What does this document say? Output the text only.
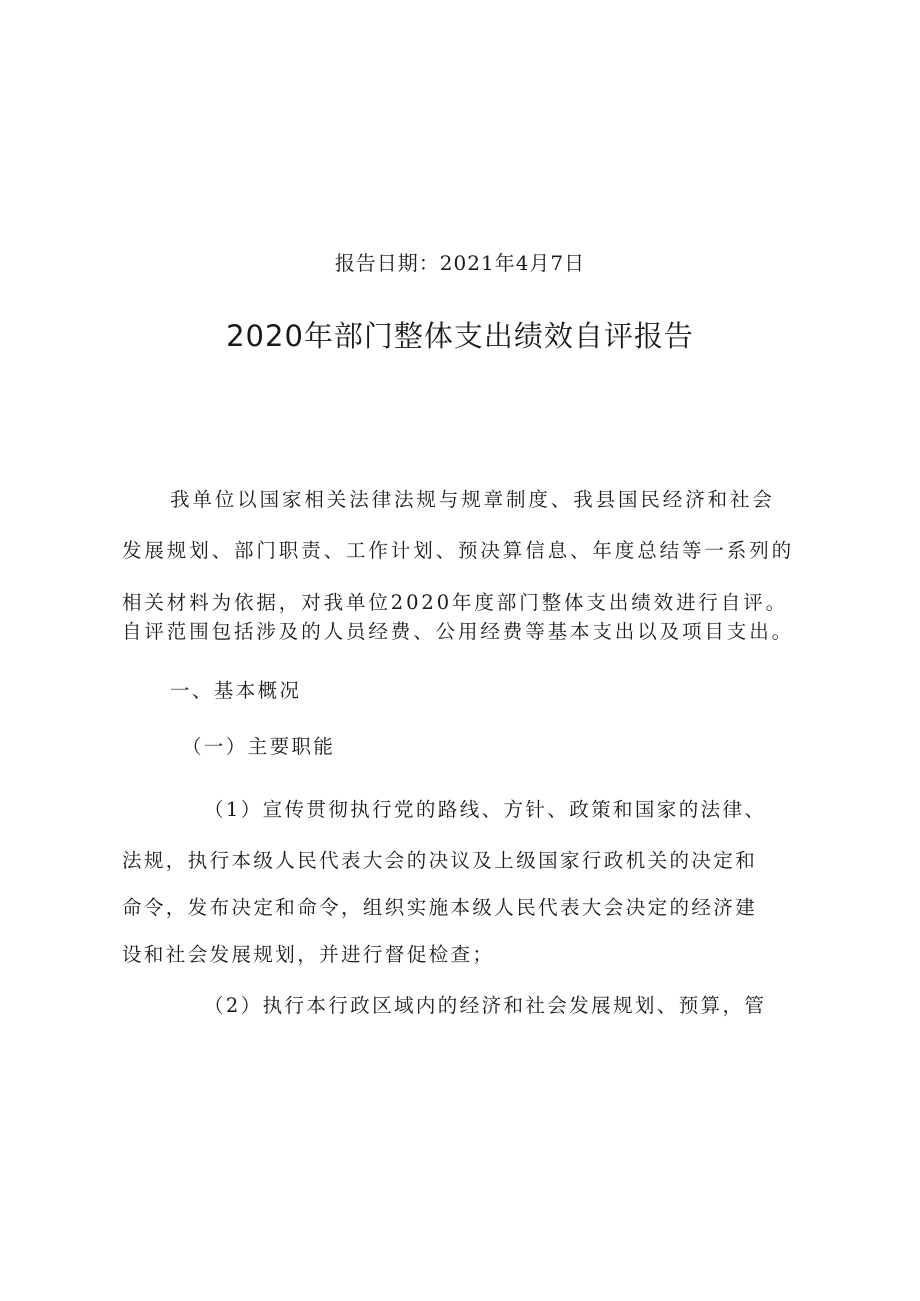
报告日期：2021年4月7日
2020年部门整体支出绩效自评报告
我单位以国家相关法律法规与规章制度、我县国民经济和社会
发展规划、部门职责、工作计划、预决算信息、年度总结等一系列的
相关材料为依据，对我单位2020年度部门整体支出绩效进行自评。
自评范围包括涉及的人员经费、公用经费等基本支出以及项目支出。
一、基本概况
（一）主要职能
（1）宣传贯彻执行党的路线、方针、政策和国家的法律、
法规，执行本级人民代表大会的决议及上级国家行政机关的决定和
命令，发布决定和命令，组织实施本级人民代表大会决定的经济建
设和社会发展规划，并进行督促检查；
（2）执行本行政区域内的经济和社会发展规划、预算，管
